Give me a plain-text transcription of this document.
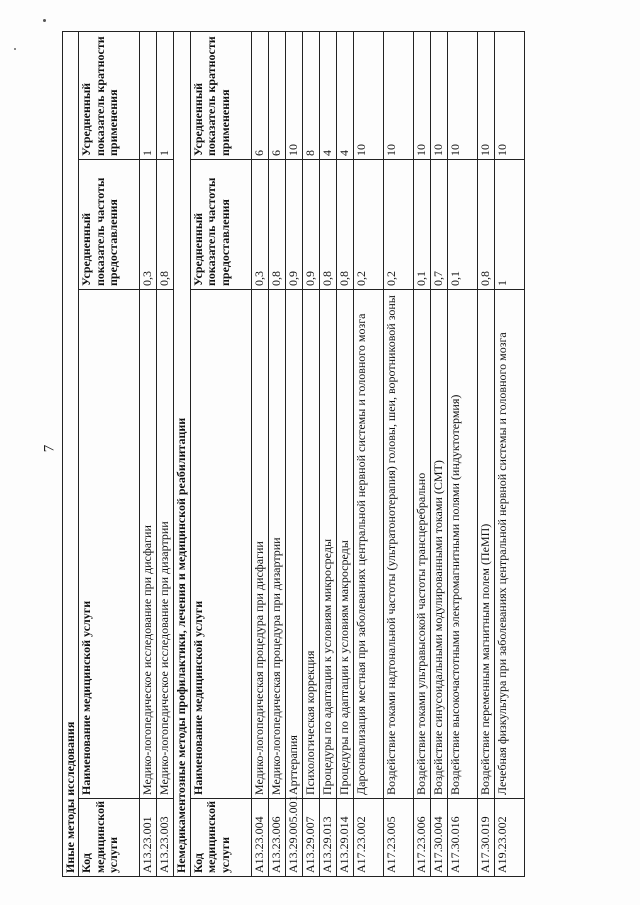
7
Иные методы исследования			
Код медицинской услуги	Наименование медицинской услуги	Усредненный показатель частоты предоставления	Усредненный показатель кратности применения
A13.23.001	Медико-логопедическое исследование при дисфагии	0,3	1
A13.23.003	Медико-логопедическое исследование при дизартрии	0,8	1
Немедикаментозные методы профилактики, лечения и медицинской реабилитации			
Код медицинской услуги	Наименование медицинской услуги	Усредненный показатель частоты предоставления	Усредненный показатель кратности применения
A13.23.004	Медико-логопедическая процедура при дисфагии	0,3	6
A13.23.006	Медико-логопедическая процедура при дизартрии	0,8	6
A13.29.005.001	Арттерапия	0,9	10
A13.29.007	Психологическая коррекция	0,9	8
A13.29.013	Процедуры по адаптации к условиям микросреды	0,8	4
A13.29.014	Процедуры по адаптации к условиям макросреды	0,8	4
A17.23.002	Дарсонвализация местная при заболеваниях центральной нервной системы и головного мозга	0,2	10
A17.23.005	Воздействие токами надтональной частоты (ультратонотерапия) головы, шеи, воротниковой зоны	0,2	10
A17.23.006	Воздействие токами ультравысокой частоты трансцеребрально	0,1	10
A17.30.004	Воздействие синусоидальными модулированными токами (СМТ)	0,7	10
A17.30.016	Воздействие высокочастотными электромагнитными полями (индуктотермия)	0,1	10
A17.30.019	Воздействие переменным магнитным полем (ПеМП)	0,8	10
A19.23.002	Лечебная физкультура при заболеваниях центральной нервной системы и головного мозга	1	10
